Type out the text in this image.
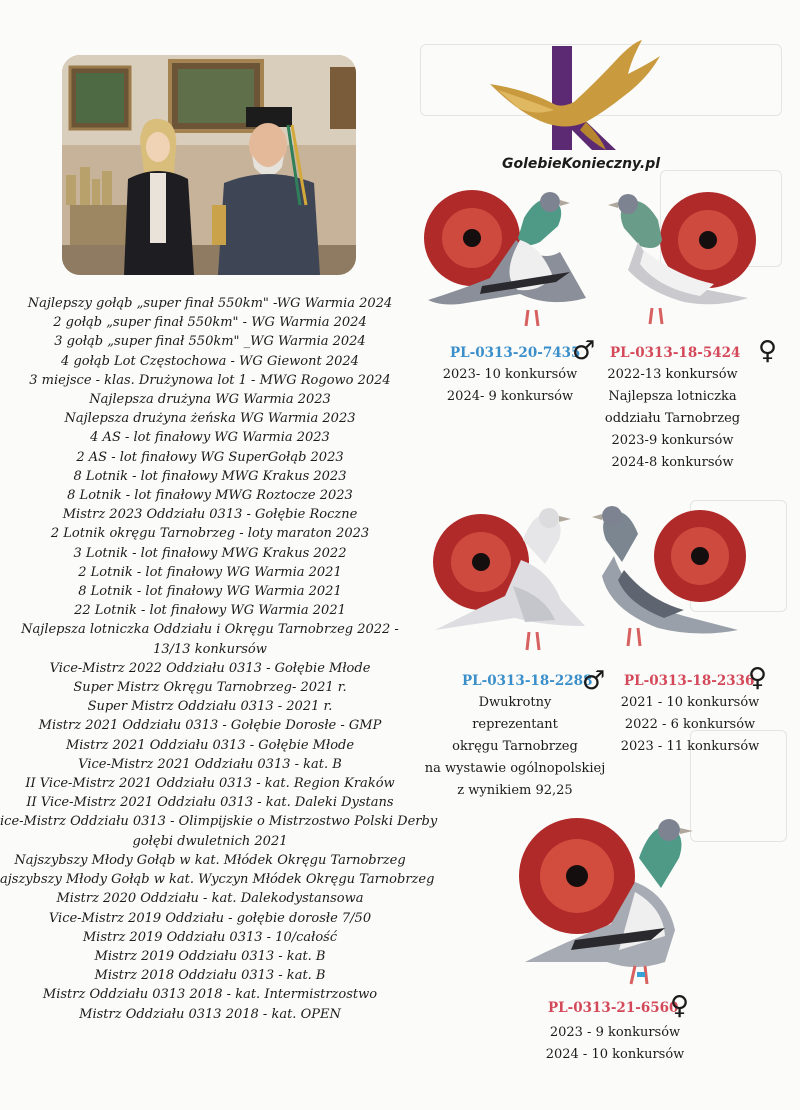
GolebieKonieczny.pl

Najlepszy gołąb „super finał 550km" -WG Warmia 2024

2 gołąb „super finał 550km" - WG Warmia 2024

3 gołąb „super finał 550km" _WG Warmia 2024

4 gołąb Lot Częstochowa - WG Giewont 2024

3 miejsce - klas. Drużynowa lot 1 - MWG Rogowo 2024

Najlepsza drużyna WG Warmia 2023

Najlepsza drużyna żeńska WG Warmia 2023

4 AS - lot finałowy WG Warmia 2023

2 AS - lot finałowy WG SuperGołąb 2023

8 Lotnik - lot finałowy MWG Krakus 2023

8 Lotnik - lot finałowy MWG Roztocze 2023

Mistrz 2023 Oddziału 0313 - Gołębie Roczne

2 Lotnik okręgu Tarnobrzeg - loty maraton 2023

3 Lotnik - lot finałowy MWG Krakus 2022

2 Lotnik - lot finałowy WG Warmia 2021

8 Lotnik - lot finałowy WG Warmia 2021

22 Lotnik - lot finałowy WG Warmia 2021

Najlepsza lotniczka Oddziału i Okręgu Tarnobrzeg 2022 -

13/13 konkursów

Vice-Mistrz 2022 Oddziału 0313 - Gołębie Młode

Super Mistrz Okręgu Tarnobrzeg- 2021 r.

Super Mistrz Oddziału 0313 - 2021 r.

Mistrz 2021 Oddziału 0313 - Gołębie Dorosłe - GMP

Mistrz 2021 Oddziału 0313 - Gołębie Młode

Vice-Mistrz 2021 Oddziału 0313 - kat. B

II Vice-Mistrz 2021 Oddziału 0313 - kat. Region Kraków

II Vice-Mistrz 2021 Oddziału 0313 - kat. Daleki Dystans

ice-Mistrz Oddziału 0313 - Olimpijskie o Mistrzostwo Polski Derby

gołębi dwuletnich 2021

Najszybszy Młody Gołąb w kat. Młódek Okręgu Tarnobrzeg

ajszybszy Młody Gołąb w kat. Wyczyn Młódek Okręgu Tarnobrzeg

Mistrz 2020 Oddziału - kat. Dalekodystansowa

Vice-Mistrz 2019 Oddziału - gołębie dorosłe 7/50

Mistrz 2019 Oddziału 0313 - 10/całość

Mistrz 2019 Oddziału 0313 - kat. B

Mistrz 2018 Oddziału 0313 - kat. B

Mistrz Oddziału 0313 2018 - kat. Intermistrzostwo

Mistrz Oddziału 0313 2018 - kat. OPEN

PL-0313-20-7435
♂
2023- 10 konkursów
2024- 9 konkursów
PL-0313-18-5424 ♀
2022-13 konkursów
Najlepsza lotniczka
oddziału Tarnobrzeg
2023-9 konkursów
2024-8 konkursów
PL-0313-18-2288
♂
Dwukrotny
reprezentant
okręgu Tarnobrzeg
na wystawie ogólnopolskiej
z wynikiem 92,25
PL-0313-18-2336
♀
2021 - 10 konkursów
2022 - 6 konkursów
2023 - 11 konkursów
PL-0313-21-6560
♀
2023 - 9 konkursów
2024 - 10 konkursów
